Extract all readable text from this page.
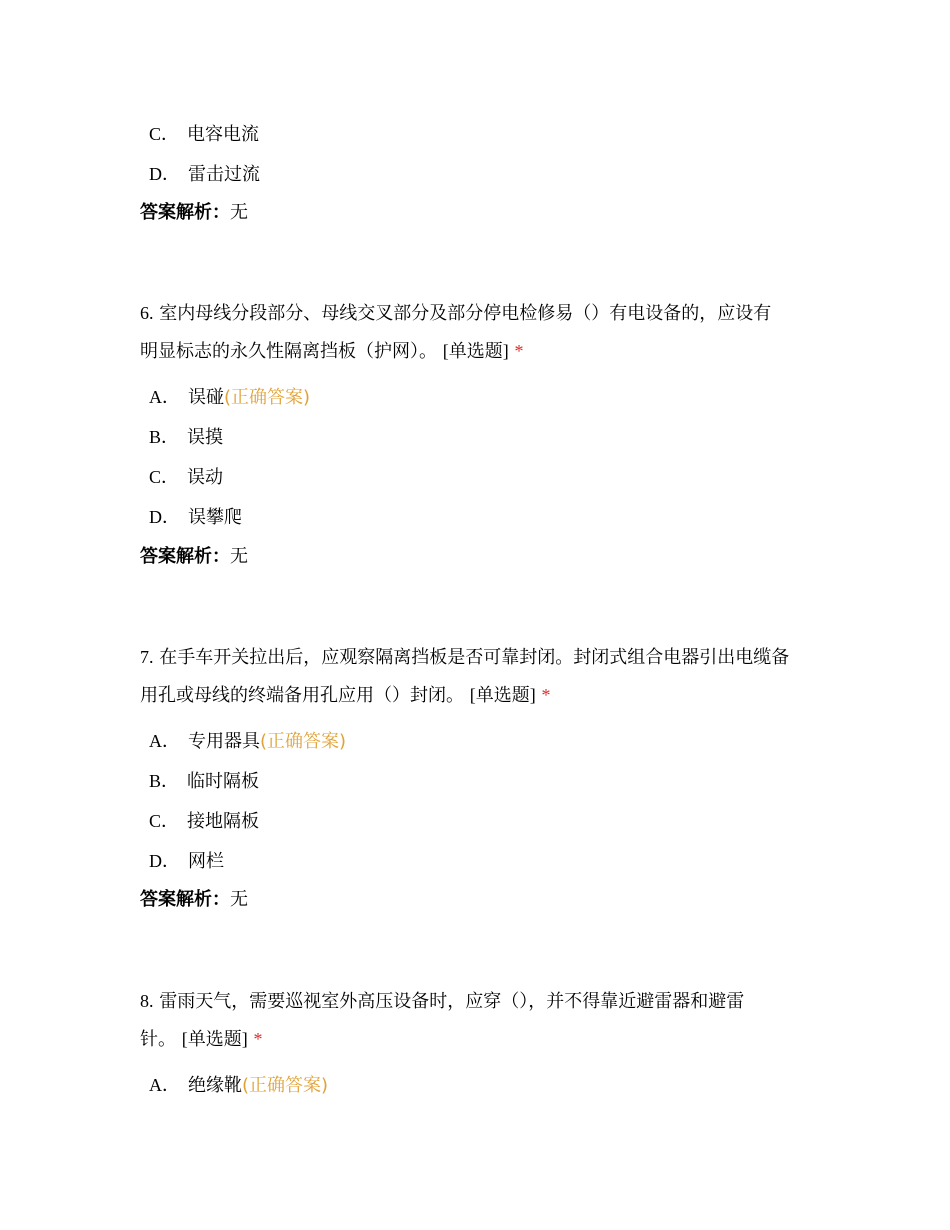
C． 电容电流
D． 雷击过流
答案解析：无
6. 室内母线分段部分、母线交叉部分及部分停电检修易（）有电设备的，应设有
明显标志的永久性隔离挡板（护网）。 [单选题] *
A． 误碰(正确答案)
B． 误摸
C． 误动
D． 误攀爬
答案解析：无
7. 在手车开关拉出后，应观察隔离挡板是否可靠封闭。封闭式组合电器引出电缆备
用孔或母线的终端备用孔应用（）封闭。 [单选题] *
A． 专用器具(正确答案)
B． 临时隔板
C． 接地隔板
D． 网栏
答案解析：无
8. 雷雨天气，需要巡视室外高压设备时，应穿（），并不得靠近避雷器和避雷
针。 [单选题] *
A． 绝缘靴(正确答案)
